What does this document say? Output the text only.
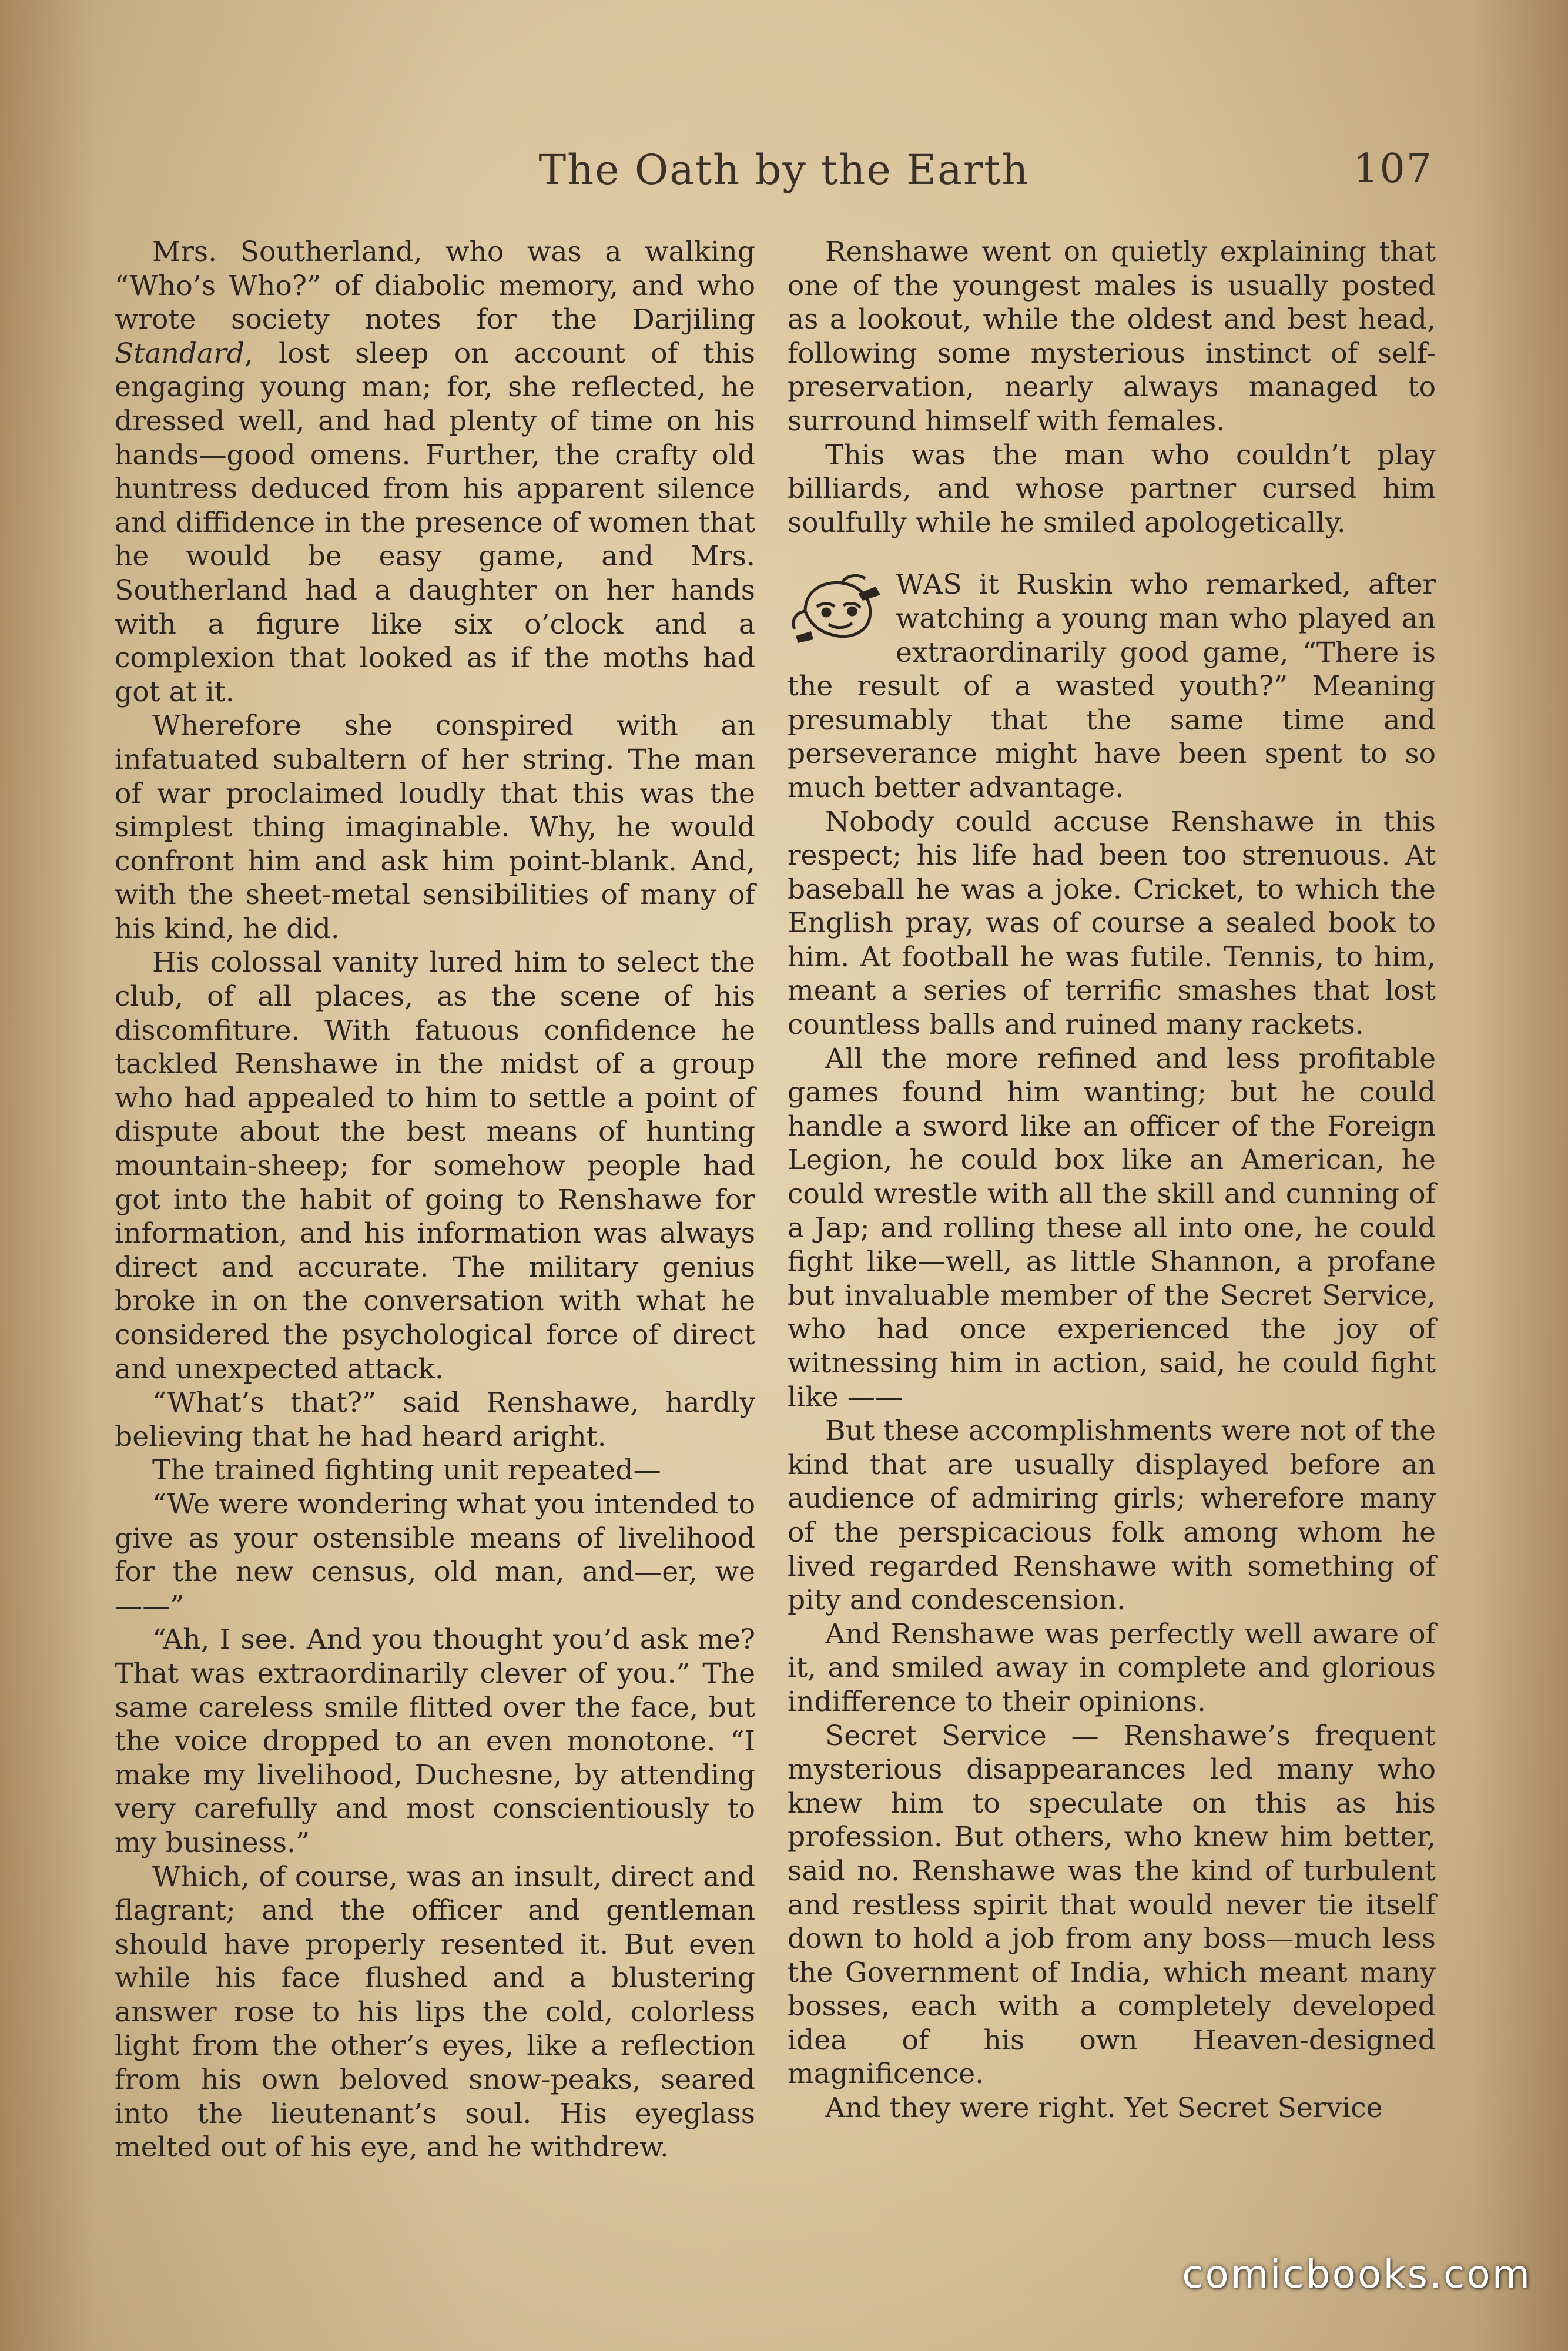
The Oath by the Earth	107

Mrs. Southerland, who was a walking “Who’s Who?” of diabolic memory, and who wrote society notes for the Darjiling Standard, lost sleep on account of this engaging young man; for, she reflected, he dressed well, and had plenty of time on his hands—good omens. Further, the crafty old huntress deduced from his apparent silence and diffidence in the presence of women that he would be easy game, and Mrs. Southerland had a daughter on her hands with a figure like six o’clock and a complexion that looked as if the moths had got at it.

Wherefore she conspired with an infatuated subaltern of her string. The man of war proclaimed loudly that this was the simplest thing imaginable. Why, he would confront him and ask him point-blank. And, with the sheet-metal sensibilities of many of his kind, he did.

His colossal vanity lured him to select the club, of all places, as the scene of his discomfiture. With fatuous confidence he tackled Renshawe in the midst of a group who had appealed to him to settle a point of dispute about the best means of hunting mountain-sheep; for somehow people had got into the habit of going to Renshawe for information, and his information was always direct and accurate. The military genius broke in on the conversation with what he considered the psychological force of direct and unexpected attack.

“What’s that?” said Renshawe, hardly believing that he had heard aright.

The trained fighting unit repeated—

“We were wondering what you intended to give as your ostensible means of livelihood for the new census, old man, and—er, we——”

“Ah, I see. And you thought you’d ask me? That was extraordinarily clever of you.” The same careless smile flitted over the face, but the voice dropped to an even monotone. “I make my livelihood, Duchesne, by attending very carefully and most conscientiously to my business.”

Which, of course, was an insult, direct and flagrant; and the officer and gentleman should have properly resented it. But even while his face flushed and a blustering answer rose to his lips the cold, colorless light from the other’s eyes, like a reflection from his own beloved snow-peaks, seared into the lieutenant’s soul. His eyeglass melted out of his eye, and he withdrew.

Renshawe went on quietly explaining that one of the youngest males is usually posted as a lookout, while the oldest and best head, following some mysterious instinct of self-preservation, nearly always managed to surround himself with females.

This was the man who couldn’t play billiards, and whose partner cursed him soulfully while he smiled apologetically.

WAS it Ruskin who remarked, after watching a young man who played an extraordinarily good game, “There is the result of a wasted youth?” Meaning presumably that the same time and perseverance might have been spent to so much better advantage.

Nobody could accuse Renshawe in this respect; his life had been too strenuous. At baseball he was a joke. Cricket, to which the English pray, was of course a sealed book to him. At football he was futile. Tennis, to him, meant a series of terrific smashes that lost countless balls and ruined many rackets.

All the more refined and less profitable games found him wanting; but he could handle a sword like an officer of the Foreign Legion, he could box like an American, he could wrestle with all the skill and cunning of a Jap; and rolling these all into one, he could fight like—well, as little Shannon, a profane but invaluable member of the Secret Service, who had once experienced the joy of witnessing him in action, said, he could fight like ——

But these accomplishments were not of the kind that are usually displayed before an audience of admiring girls; wherefore many of the perspicacious folk among whom he lived regarded Renshawe with something of pity and condescension.

And Renshawe was perfectly well aware of it, and smiled away in complete and glorious indifference to their opinions.

Secret Service — Renshawe’s frequent mysterious disappearances led many who knew him to speculate on this as his profession. But others, who knew him better, said no. Renshawe was the kind of turbulent and restless spirit that would never tie itself down to hold a job from any boss—much less the Government of India, which meant many bosses, each with a completely developed idea of his own Heaven-designed magnificence.

And they were right. Yet Secret Service

comicbooks.com
